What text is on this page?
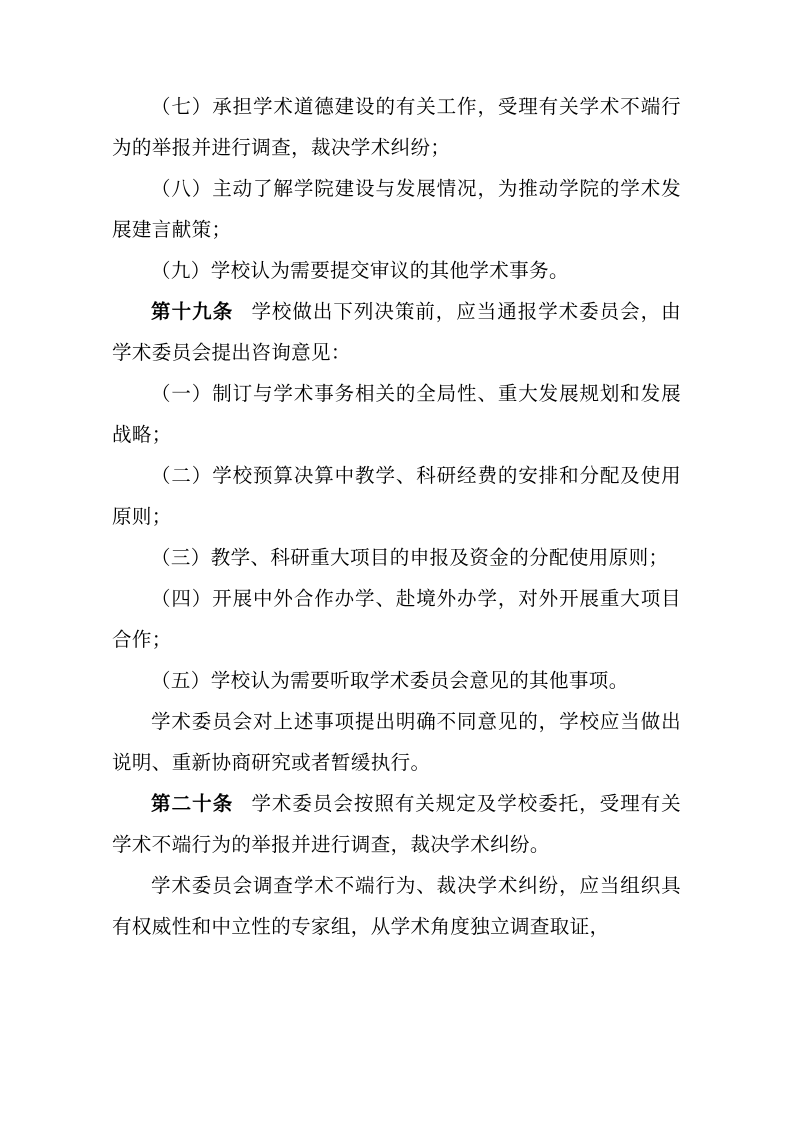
（七）承担学术道德建设的有关工作，受理有关学术不端行为的举报并进行调查，裁决学术纠纷；

（八）主动了解学院建设与发展情况，为推动学院的学术发展建言献策；

（九）学校认为需要提交审议的其他学术事务。

第十九条 学校做出下列决策前，应当通报学术委员会，由学术委员会提出咨询意见：

（一）制订与学术事务相关的全局性、重大发展规划和发展战略；

（二）学校预算决算中教学、科研经费的安排和分配及使用原则；

（三）教学、科研重大项目的申报及资金的分配使用原则；

（四）开展中外合作办学、赴境外办学，对外开展重大项目合作；

（五）学校认为需要听取学术委员会意见的其他事项。

学术委员会对上述事项提出明确不同意见的，学校应当做出说明、重新协商研究或者暂缓执行。

第二十条 学术委员会按照有关规定及学校委托，受理有关学术不端行为的举报并进行调查，裁决学术纠纷。

学术委员会调查学术不端行为、裁决学术纠纷，应当组织具有权威性和中立性的专家组，从学术角度独立调查取证，
